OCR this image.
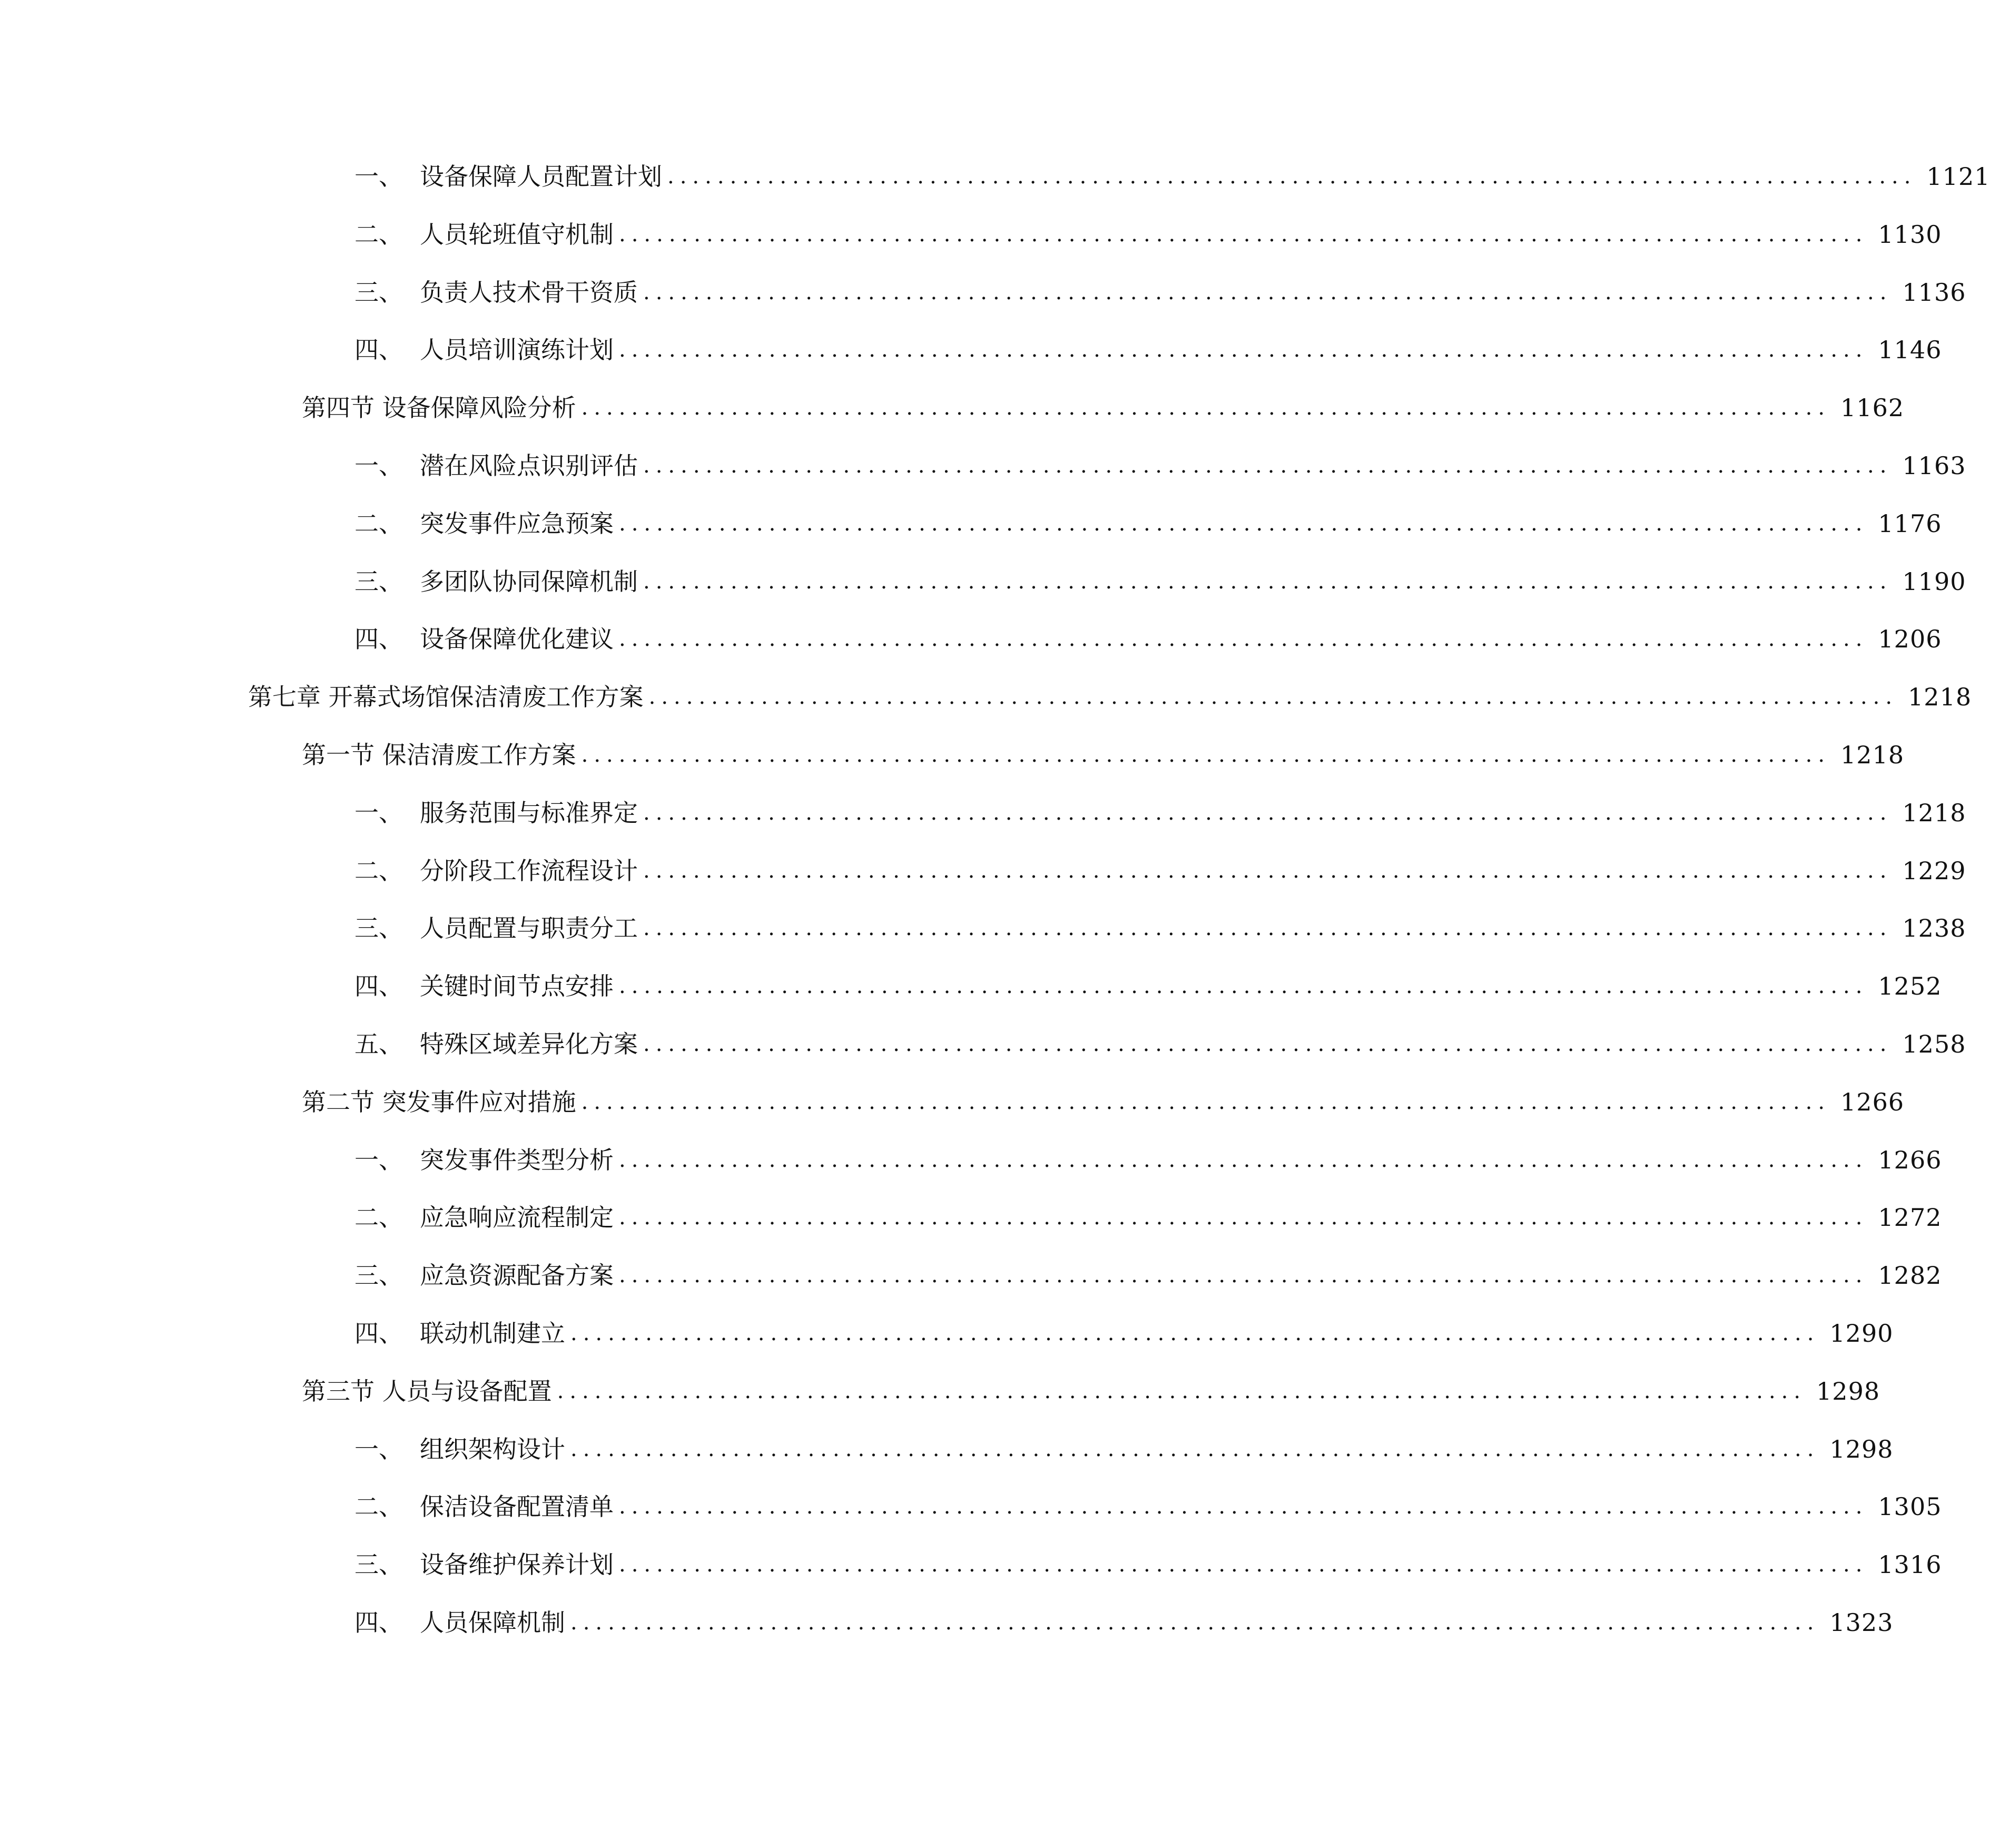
一、 设备保障人员配置计划 .................................................................................................... 1121
二、 人员轮班值守机制 .................................................................................................... 1130
三、 负责人技术骨干资质 .................................................................................................... 1136
四、 人员培训演练计划 .................................................................................................... 1146
第四节 设备保障风险分析 .................................................................................................... 1162
一、 潜在风险点识别评估 .................................................................................................... 1163
二、 突发事件应急预案 .................................................................................................... 1176
三、 多团队协同保障机制 .................................................................................................... 1190
四、 设备保障优化建议 .................................................................................................... 1206
第七章 开幕式场馆保洁清废工作方案 .................................................................................................... 1218
第一节 保洁清废工作方案 .................................................................................................... 1218
一、 服务范围与标准界定 .................................................................................................... 1218
二、 分阶段工作流程设计 .................................................................................................... 1229
三、 人员配置与职责分工 .................................................................................................... 1238
四、 关键时间节点安排 .................................................................................................... 1252
五、 特殊区域差异化方案 .................................................................................................... 1258
第二节 突发事件应对措施 .................................................................................................... 1266
一、 突发事件类型分析 .................................................................................................... 1266
二、 应急响应流程制定 .................................................................................................... 1272
三、 应急资源配备方案 .................................................................................................... 1282
四、 联动机制建立 .................................................................................................... 1290
第三节 人员与设备配置 .................................................................................................... 1298
一、 组织架构设计 .................................................................................................... 1298
二、 保洁设备配置清单 .................................................................................................... 1305
三、 设备维护保养计划 .................................................................................................... 1316
四、 人员保障机制 .................................................................................................... 1323
